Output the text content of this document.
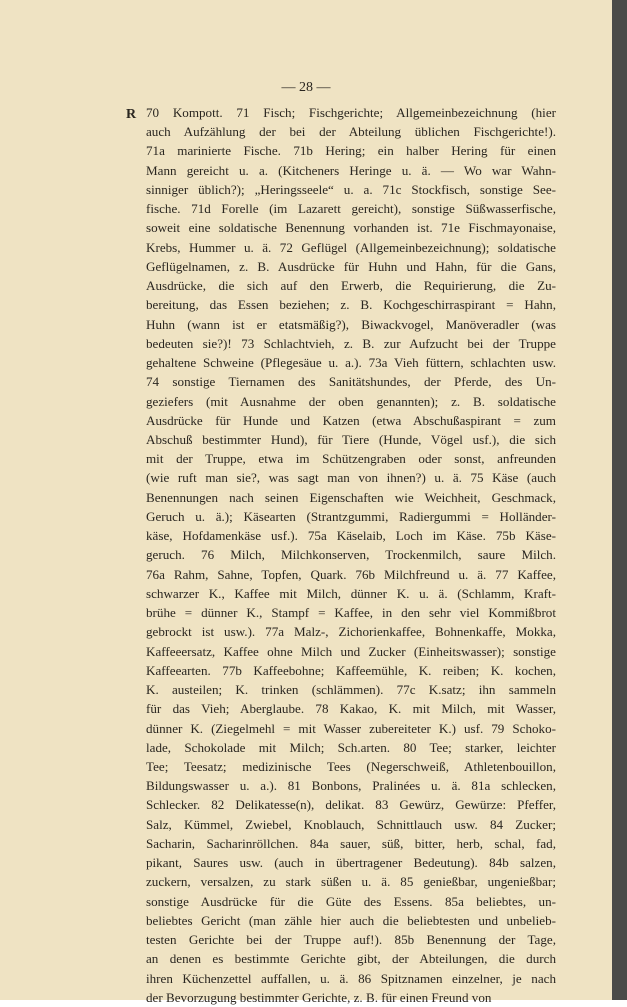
— 28 —
R 70 Kompott. 71 Fisch; Fischgerichte; Allgemeinbezeichnung (hier
auch Aufzählung der bei der Abteilung üblichen Fischgerichte!).
71a marinierte Fische. 71b Hering; ein halber Hering für einen
Mann gereicht u. a. (Kitcheners Heringe u. ä. — Wo war Wahn-
sinniger üblich?); „Heringsseele“ u. a. 71c Stockfisch, sonstige See-
fische. 71d Forelle (im Lazarett gereicht), sonstige Süßwasserfische,
soweit eine soldatische Benennung vorhanden ist. 71e Fischmayonaise,
Krebs, Hummer u. ä. 72 Geflügel (Allgemeinbezeichnung); soldatische
Geflügelnamen, z. B. Ausdrücke für Huhn und Hahn, für die Gans,
Ausdrücke, die sich auf den Erwerb, die Requirierung, die Zu-
bereitung, das Essen beziehen; z. B. Kochgeschirraspirant = Hahn,
Huhn (wann ist er etatsmäßig?), Biwackvogel, Manöveradler (was
bedeuten sie?)! 73 Schlachtvieh, z. B. zur Aufzucht bei der Truppe
gehaltene Schweine (Pflegesäue u. a.). 73a Vieh füttern, schlachten usw.
74 sonstige Tiernamen des Sanitätshundes, der Pferde, des Un-
geziefers (mit Ausnahme der oben genannten); z. B. soldatische
Ausdrücke für Hunde und Katzen (etwa Abschußaspirant = zum
Abschuß bestimmter Hund), für Tiere (Hunde, Vögel usf.), die sich
mit der Truppe, etwa im Schützengraben oder sonst, anfreunden
(wie ruft man sie?, was sagt man von ihnen?) u. ä. 75 Käse (auch
Benennungen nach seinen Eigenschaften wie Weichheit, Geschmack,
Geruch u. ä.); Käsearten (Strantzgummi, Radiergummi = Holländer-
käse, Hofdamenkäse usf.). 75a Käselaib, Loch im Käse. 75b Käse-
geruch. 76 Milch, Milchkonserven, Trockenmilch, saure Milch.
76a Rahm, Sahne, Topfen, Quark. 76b Milchfreund u. ä. 77 Kaffee,
schwarzer K., Kaffee mit Milch, dünner K. u. ä. (Schlamm, Kraft-
brühe = dünner K., Stampf = Kaffee, in den sehr viel Kommißbrot
gebrockt ist usw.). 77a Malz-, Zichorienkaffee, Bohnenkaffe, Mokka,
Kaffeeersatz, Kaffee ohne Milch und Zucker (Einheitswasser); sonstige
Kaffeearten. 77b Kaffeebohne; Kaffeemühle, K. reiben; K. kochen,
K. austeilen; K. trinken (schlämmen). 77c K.satz; ihn sammeln
für das Vieh; Aberglaube. 78 Kakao, K. mit Milch, mit Wasser,
dünner K. (Ziegelmehl = mit Wasser zubereiteter K.) usf. 79 Schoko-
lade, Schokolade mit Milch; Sch.arten. 80 Tee; starker, leichter
Tee; Teesatz; medizinische Tees (Negerschweiß, Athletenbouillon,
Bildungswasser u. a.). 81 Bonbons, Pralinées u. ä. 81a schlecken,
Schlecker. 82 Delikatesse(n), delikat. 83 Gewürz, Gewürze: Pfeffer,
Salz, Kümmel, Zwiebel, Knoblauch, Schnittlauch usw. 84 Zucker;
Sacharin, Sacharinröllchen. 84a sauer, süß, bitter, herb, schal, fad,
pikant, Saures usw. (auch in übertragener Bedeutung). 84b salzen,
zuckern, versalzen, zu stark süßen u. ä. 85 genießbar, ungenießbar;
sonstige Ausdrücke für die Güte des Essens. 85a beliebtes, un-
beliebtes Gericht (man zähle hier auch die beliebtesten und unbelieb-
testen Gerichte bei der Truppe auf!). 85b Benennung der Tage,
an denen es bestimmte Gerichte gibt, der Abteilungen, die durch
ihren Küchenzettel auffallen, u. ä. 86 Spitznamen einzelner, je nach
der Bevorzugung bestimmter Gerichte, z. B. für einen Freund von
